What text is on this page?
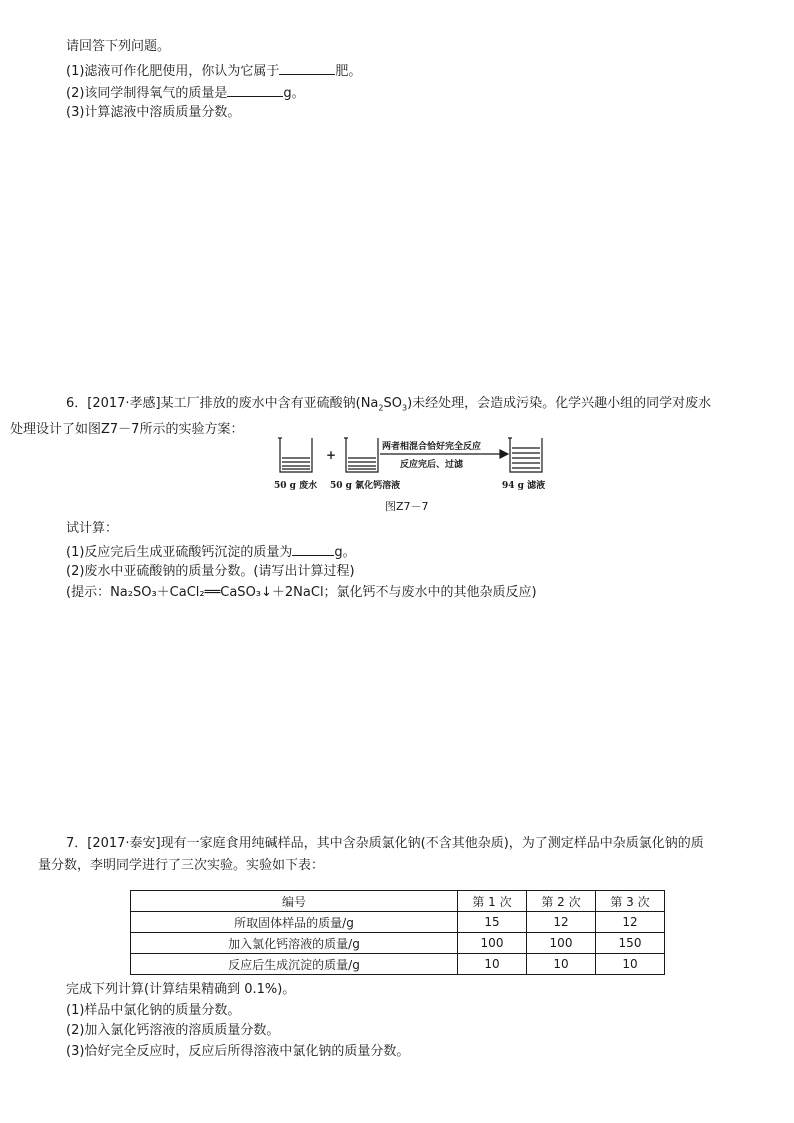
请回答下列问题。
(1)滤液可作化肥使用，你认为它属于	肥。
(2)该同学制得氧气的质量是	g。
(3)计算滤液中溶质质量分数。
6．[2017·孝感]某工厂排放的废水中含有亚硫酸钠$(Na_2SO_3)$未经处理，会造成污染。化学兴趣小组的同学对废水
处理设计了如图Z7－7所示的实验方案：
+
两者相混合恰好完全反应
反应完后、过滤
50 g 废水 50 g 氯化钙溶液	94 g 滤液
图Z7－7
试计算：
(1)反应完后生成亚硫酸钙沉淀的质量为	g。
(2)废水中亚硫酸钠的质量分数。(请写出计算过程)
(提示：Na₂SO₃＋CaCl₂══CaSO₃↓＋2NaCl；氯化钙不与废水中的其他杂质反应)
7．[2017·泰安]现有一家庭食用纯碱样品，其中含杂质氯化钠(不含其他杂质)，为了测定样品中杂质氯化钠的质
量分数，李明同学进行了三次实验。实验如下表：
编号	第 1 次	第 2 次	第 3 次
所取固体样品的质量/g	15	12	12
加入氯化钙溶液的质量/g	100	100	150
反应后生成沉淀的质量/g	10	10	10
完成下列计算(计算结果精确到 0.1%)。
(1)样品中氯化钠的质量分数。
(2)加入氯化钙溶液的溶质质量分数。
(3)恰好完全反应时，反应后所得溶液中氯化钠的质量分数。
